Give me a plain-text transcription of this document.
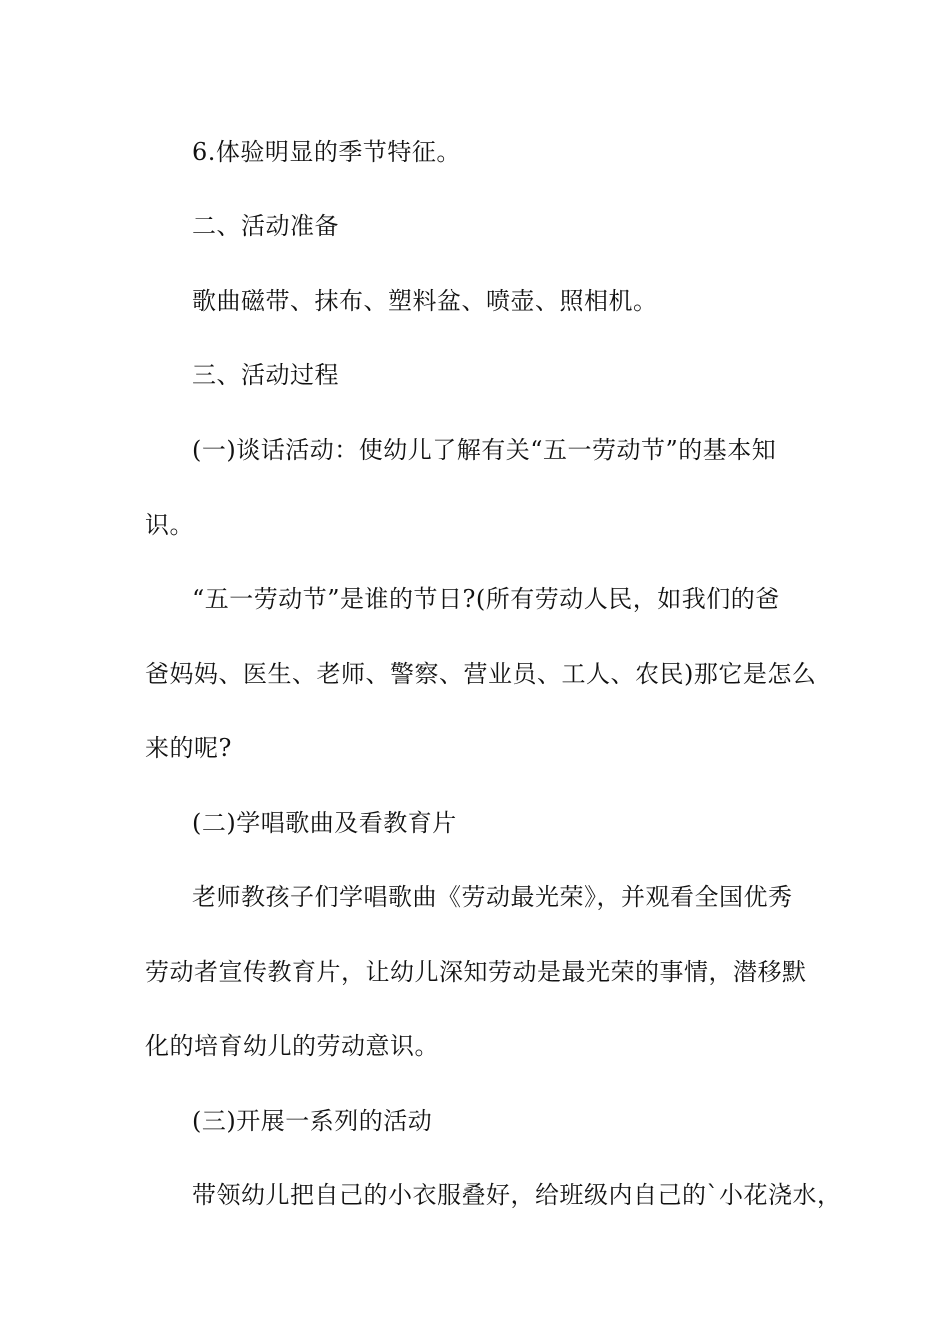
6.体验明显的季节特征。
二、活动准备
歌曲磁带、抹布、塑料盆、喷壶、照相机。
三、活动过程
(一)谈话活动：使幼儿了解有关“五一劳动节”的基本知
识。
“五一劳动节”是谁的节日?(所有劳动人民，如我们的爸
爸妈妈、医生、老师、警察、营业员、工人、农民)那它是怎么
来的呢?
(二)学唱歌曲及看教育片
老师教孩子们学唱歌曲《劳动最光荣》，并观看全国优秀
劳动者宣传教育片，让幼儿深知劳动是最光荣的事情，潜移默
化的培育幼儿的劳动意识。
(三)开展一系列的活动
带领幼儿把自己的小衣服叠好，给班级内自己的`小花浇水，
